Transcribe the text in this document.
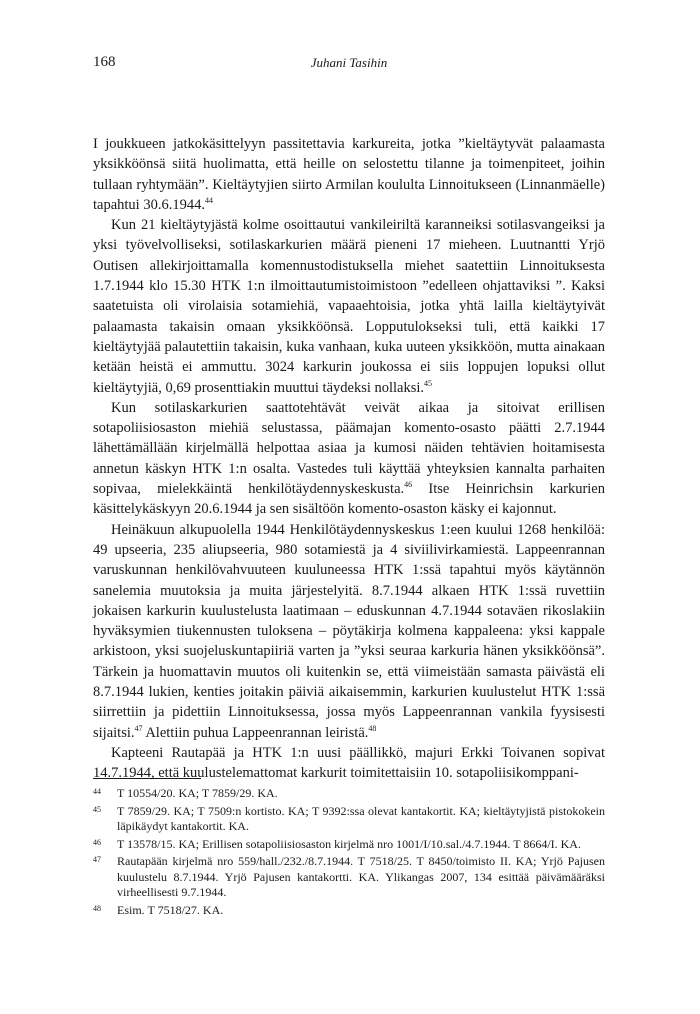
168	Juhani Tasihin

I joukkueen jatkokäsittelyyn passitettavia karkureita, jotka ”kieltäytyvät palaamasta yksikköönsä siitä huolimatta, että heille on selostettu tilanne ja toimenpiteet, joihin tullaan ryhtymään”. Kieltäytyjien siirto Armilan koululta Linnoitukseen (Linnanmäelle) tapahtui 30.6.1944.44

Kun 21 kieltäytyjästä kolme osoittautui vankileiriltä karanneiksi sotilasvangeiksi ja yksi työvelvolliseksi, sotilaskarkurien määrä pieneni 17 mieheen. Luutnantti Yrjö Outisen allekirjoittamalla komennustodistuksella miehet saatettiin Linnoituksesta 1.7.1944 klo 15.30 HTK 1:n ilmoittautumistoimistoon ”edelleen ohjattaviksi ”. Kaksi saatetuista oli virolaisia sotamiehiä, vapaaehtoisia, jotka yhtä lailla kieltäytyivät palaamasta takaisin omaan yksikköönsä. Lopputulokseksi tuli, että kaikki 17 kieltäytyjää palautettiin takaisin, kuka vanhaan, kuka uuteen yksikköön, mutta ainakaan ketään heistä ei ammuttu. 3024 karkurin joukossa ei siis loppujen lopuksi ollut kieltäytyjiä, 0,69 prosenttiakin muuttui täydeksi nollaksi.$^{45}$

Kun sotilaskarkurien saattotehtävät veivät aikaa ja sitoivat erillisen sotapoliisiosaston miehiä selustassa, päämajan komento-osasto päätti 2.7.1944 lähettämällään kirjelmällä helpottaa asiaa ja kumosi näiden tehtävien hoitamisesta annetun käskyn HTK 1:n osalta. Vastedes tuli käyttää yhteyksien kannalta parhaiten sopivaa, mielekkäintä henkilötäydennyskeskusta.$^{46}$ Itse Heinrichsin karkurien käsittelykäskyyn 20.6.1944 ja sen sisältöön komento-osaston käsky ei kajonnut.

Heinäkuun alkupuolella 1944 Henkilötäydennyskeskus 1:een kuului 1268 henkilöä: 49 upseeria, 235 aliupseeria, 980 sotamiestä ja 4 siviilivirkamiestä. Lappeenrannan varuskunnan henkilövahvuuteen kuuluneessa HTK 1:ssä tapahtui myös käytännön sanelemia muutoksia ja muita järjestelyitä. 8.7.1944 alkaen HTK 1:ssä ruvettiin jokaisen karkurin kuulustelusta laatimaan – eduskunnan 4.7.1944 sotaväen rikoslakiin hyväksymien tiukennusten tuloksena – pöytäkirja kolmena kappaleena: yksi kappale arkistoon, yksi suojeluskuntapiiriä varten ja ”yksi seuraa karkuria hänen yksikköönsä”. Tärkein ja huomattavin muutos oli kuitenkin se, että viimeistään samasta päivästä eli 8.7.1944 lukien, kenties joitakin päiviä aikaisemmin, karkurien kuulustelut HTK 1:ssä siirrettiin ja pidettiin Linnoituksessa, jossa myös Lappeenrannan vankila fyysisesti sijaitsi.$^{47}$ Alettiin puhua Lappeenrannan leiristä.$^{48}$

Kapteeni Rautapää ja HTK 1:n uusi päällikkö, majuri Erkki Toivanen sopivat 14.7.1944, että kuulustelemattomat karkurit toimitettaisiin 10. sotapoliisikomppani-

44	T 10554/20. KA; T 7859/29. KA.
45	T 7859/29. KA; T 7509:n kortisto. KA; T 9392:ssa olevat kantakortit. KA; kieltäytyjistä pistokokein läpikäydyt kantakortit. KA.
46	T 13578/15. KA; Erillisen sotapoliisiosaston kirjelmä nro 1001/I/10.sal./4.7.1944. T 8664/I. KA.
47	Rautapään kirjelmä nro 559/hall./232./8.7.1944. T 7518/25. T 8450/toimisto II. KA; Yrjö Pajusen kuulustelu 8.7.1944. Yrjö Pajusen kantakortti. KA. Ylikangas 2007, 134 esittää päivämääräksi virheellisesti 9.7.1944.
48	Esim. T 7518/27. KA.
